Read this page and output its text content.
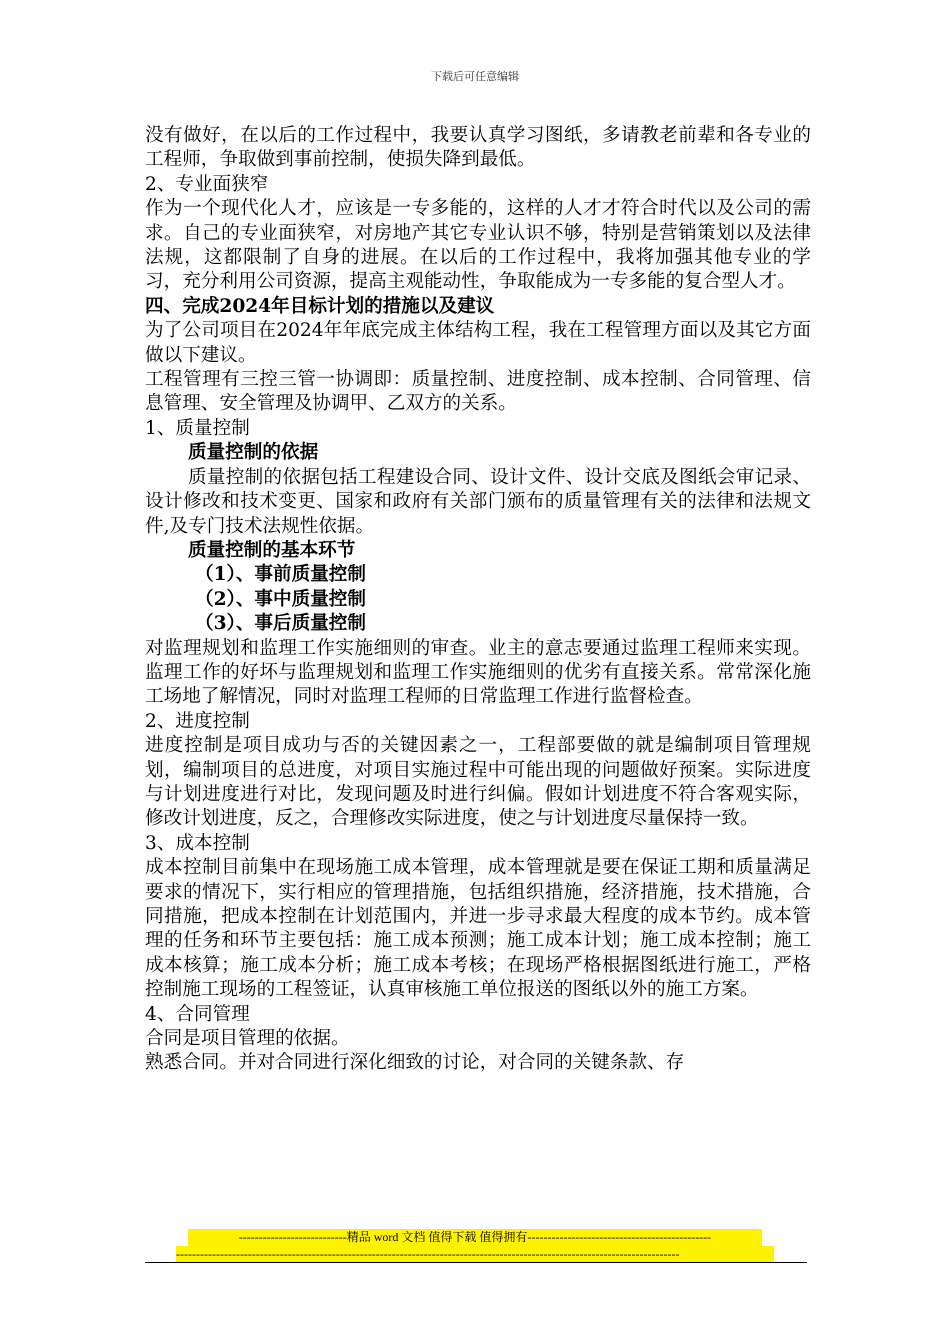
下载后可任意编辑

没有做好，在以后的工作过程中，我要认真学习图纸，多请教老前辈和各专业的工程师，争取做到事前控制，使损失降到最低。

2、专业面狭窄

作为一个现代化人才，应该是一专多能的，这样的人才才符合时代以及公司的需求。自己的专业面狭窄，对房地产其它专业认识不够，特别是营销策划以及法律法规，这都限制了自身的进展。在以后的工作过程中，我将加强其他专业的学习，充分利用公司资源，提高主观能动性，争取能成为一专多能的复合型人才。

四、完成2024年目标计划的措施以及建议

为了公司项目在2024年年底完成主体结构工程，我在工程管理方面以及其它方面做以下建议。

工程管理有三控三管一协调即：质量控制、进度控制、成本控制、合同管理、信息管理、安全管理及协调甲、乙双方的关系。

1、质量控制

质量控制的依据

质量控制的依据包括工程建设合同、设计文件、设计交底及图纸会审记录、设计修改和技术变更、国家和政府有关部门颁布的质量管理有关的法律和法规文件,及专门技术法规性依据。

质量控制的基本环节

（1）、事前质量控制

（2）、事中质量控制

（3）、事后质量控制

对监理规划和监理工作实施细则的审查。业主的意志要通过监理工程师来实现。监理工作的好坏与监理规划和监理工作实施细则的优劣有直接关系。常常深化施工场地了解情况，同时对监理工程师的日常监理工作进行监督检查。

2、进度控制

进度控制是项目成功与否的关键因素之一，工程部要做的就是编制项目管理规划，编制项目的总进度，对项目实施过程中可能出现的问题做好预案。实际进度与计划进度进行对比，发现问题及时进行纠偏。假如计划进度不符合客观实际，修改计划进度，反之，合理修改实际进度，使之与计划进度尽量保持一致。

3、成本控制

成本控制目前集中在现场施工成本管理，成本管理就是要在保证工期和质量满足要求的情况下，实行相应的管理措施，包括组织措施，经济措施，技术措施，合同措施，把成本控制在计划范围内，并进一步寻求最大程度的成本节约。成本管理的任务和环节主要包括：施工成本预测；施工成本计划；施工成本控制；施工成本核算；施工成本分析；施工成本考核；在现场严格根据图纸进行施工，严格控制施工现场的工程签证，认真审核施工单位报送的图纸以外的施工方案。

4、合同管理

合同是项目管理的依据。

熟悉合同。并对合同进行深化细致的讨论，对合同的关键条款、存

---------------------------精品 word 文档 值得下载 值得拥有----------------------------------------------
------------------------------------------------------------------------------------------------------------------------------
